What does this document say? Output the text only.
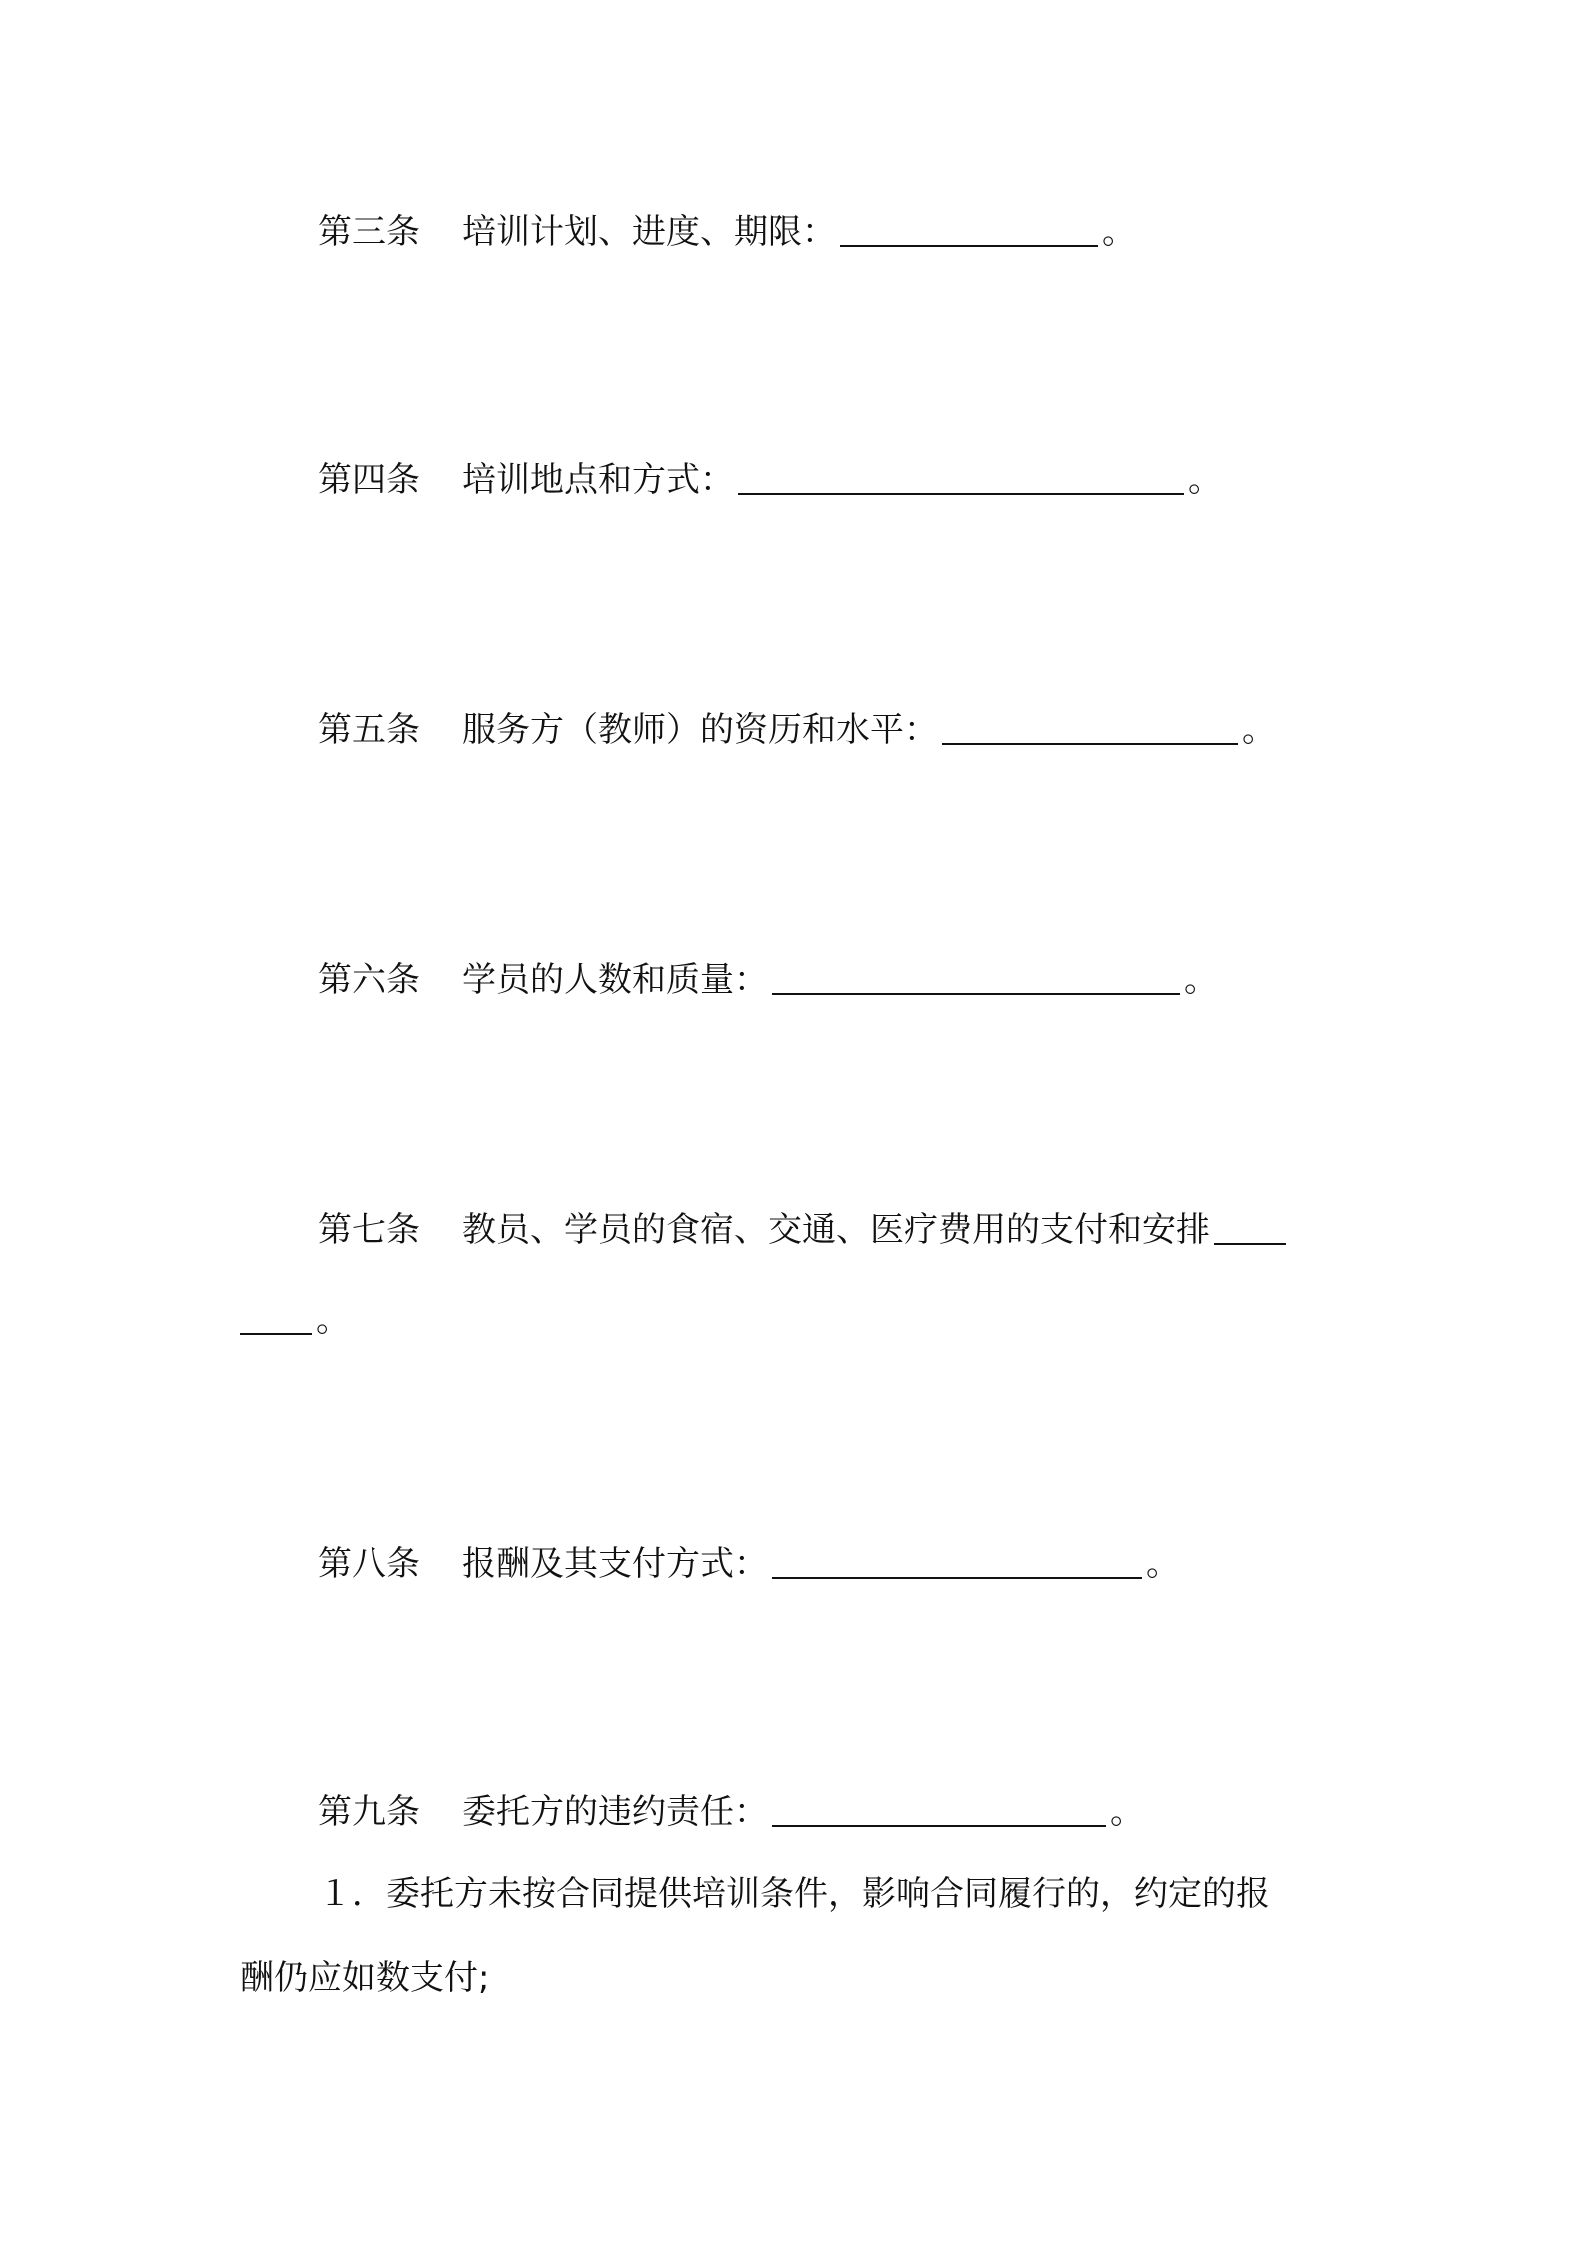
第三条 培训计划、进度、期限：	。
第四条 培训地点和方式：	。
第五条 服务方（教师）的资历和水平：	。
第六条 学员的人数和质量：	。
第七条 教员、学员的食宿、交通、医疗费用的支付和安排
。
第八条 报酬及其支付方式：	。
第九条 委托方的违约责任：	。
１．委托方未按合同提供培训条件，影响合同履行的，约定的报
酬仍应如数支付;
